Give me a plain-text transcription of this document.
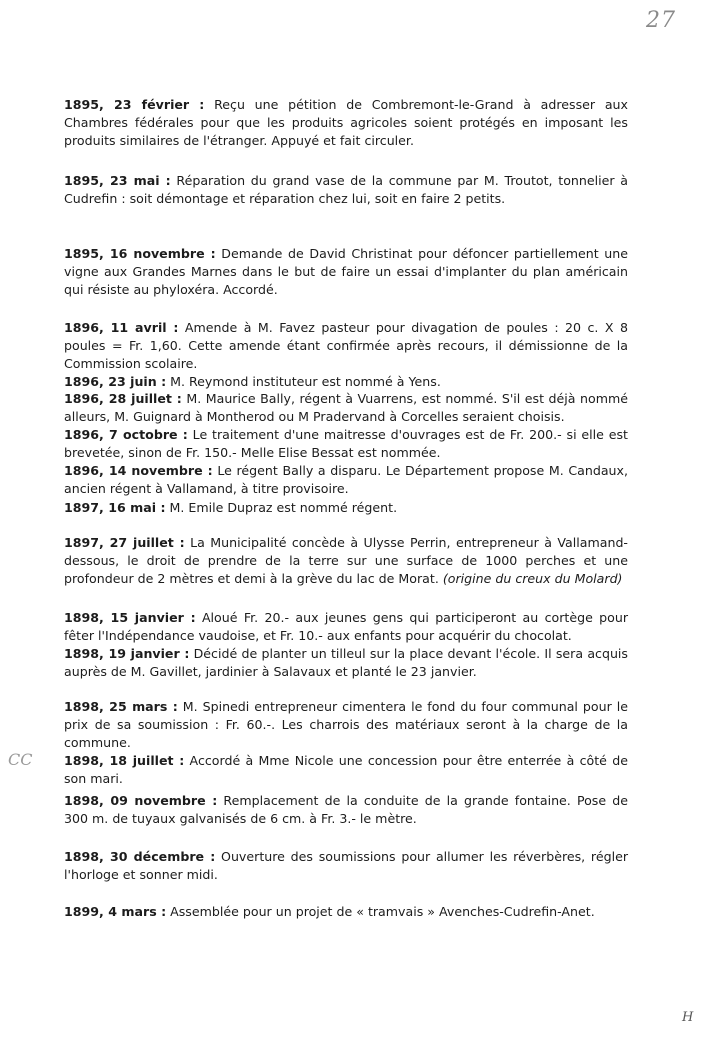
27
CC

1895, 23 février : Reçu une pétition de Combremont-le-Grand à adresser aux Chambres fédérales pour que les produits agricoles soient protégés en imposant les produits similaires de l'étranger. Appuyé et fait circuler.

1895, 23 mai : Réparation du grand vase de la commune par M. Troutot, tonnelier à Cudrefin : soit démontage et réparation chez lui, soit en faire 2 petits.

1895, 16 novembre : Demande de David Christinat pour défoncer partiellement une vigne aux Grandes Marnes dans le but de faire un essai d'implanter du plan américain qui résiste au phyloxéra. Accordé.

1896, 11 avril : Amende à M. Favez pasteur pour divagation de poules : 20 c. X 8 poules = Fr. 1,60. Cette amende étant confirmée après recours, il démissionne de la Commission scolaire.

1896, 23 juin : M. Reymond instituteur est nommé à Yens.

1896, 28 juillet : M. Maurice Bally, régent à Vuarrens, est nommé. S'il est déjà nommé alleurs, M. Guignard à Montherod ou M Pradervand à Corcelles seraient choisis.

1896, 7 octobre : Le traitement d'une maitresse d'ouvrages est de Fr. 200.- si elle est brevetée, sinon de Fr. 150.- Melle Elise Bessat est nommée.

1896, 14 novembre : Le régent Bally a disparu. Le Département propose M. Candaux, ancien régent à Vallamand, à titre provisoire.

1897, 16 mai : M. Emile Dupraz est nommé régent.

1897, 27 juillet : La Municipalité concède à Ulysse Perrin, entrepreneur à Vallamand-dessous, le droit de prendre de la terre sur une surface de 1000 perches et une profondeur de 2 mètres et demi à la grève du lac de Morat. (origine du creux du Molard)

1898, 15 janvier : Aloué Fr. 20.- aux jeunes gens qui participeront au cortège pour fêter l'Indépendance vaudoise, et Fr. 10.- aux enfants pour acquérir du chocolat.

1898, 19 janvier : Décidé de planter un tilleul sur la place devant l'école. Il sera acquis auprès de M. Gavillet, jardinier à Salavaux et planté le 23 janvier.

1898, 25 mars : M. Spinedi entrepreneur cimentera le fond du four communal pour le prix de sa soumission : Fr. 60.-. Les charrois des matériaux seront à la charge de la commune.

1898, 18 juillet : Accordé à Mme Nicole une concession pour être enterrée à côté de son mari.

1898, 09 novembre : Remplacement de la conduite de la grande fontaine. Pose de 300 m. de tuyaux galvanisés de 6 cm. à Fr. 3.- le mètre.

1898, 30 décembre : Ouverture des soumissions pour allumer les réverbères, régler l'horloge et sonner midi.

1899, 4 mars : Assemblée pour un projet de « tramvais » Avenches-Cudrefin-Anet.

H
